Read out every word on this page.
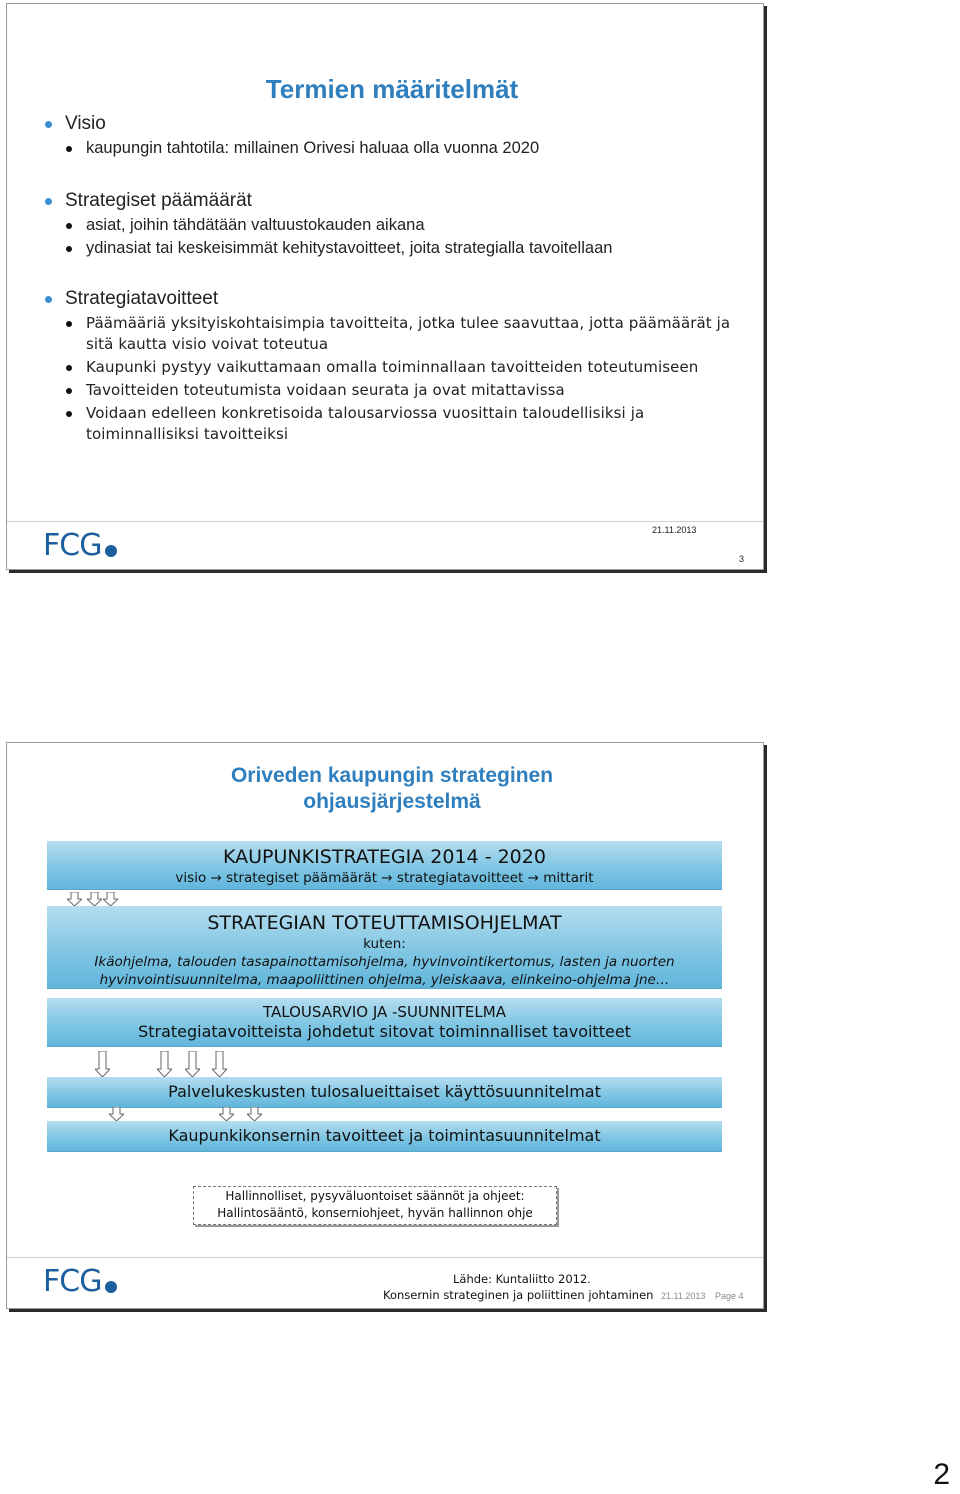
Termien määritelmät
Visio
kaupungin tahtotila: millainen Orivesi haluaa olla vuonna 2020
Strategiset päämäärät
asiat, joihin tähdätään valtuustokauden aikana
ydinasiat tai keskeisimmät kehitystavoitteet, joita strategialla tavoitellaan
Strategiatavoitteet
Päämääriä yksityiskohtaisimpia tavoitteita, jotka tulee saavuttaa, jotta päämäärät ja sitä kautta visio voivat toteutua
Kaupunki pystyy vaikuttamaan omalla toiminnallaan tavoitteiden toteutumiseen
Tavoitteiden toteutumista voidaan seurata ja ovat mitattavissa
Voidaan edelleen konkretisoida talousarviossa vuosittain taloudellisiksi ja toiminnallisiksi tavoitteiksi
FCG	21.11.2013
3
Oriveden kaupungin strateginen
ohjausjärjestelmä
KAUPUNKISTRATEGIA 2014 - 2020
visio → strategiset päämäärät → strategiatavoitteet → mittarit
STRATEGIAN TOTEUTTAMISOHJELMAT
kuten:
Ikäohjelma, talouden tasapainottamisohjelma, hyvinvointikertomus, lasten ja nuorten
hyvinvointisuunnitelma, maapoliittinen ohjelma, yleiskaava, elinkeino-ohjelma jne…
TALOUSARVIO JA -SUUNNITELMA
Strategiatavoitteista johdetut sitovat toiminnalliset tavoitteet
Palvelukeskusten tulosalueittaiset käyttösuunnitelmat
Kaupunkikonsernin tavoitteet ja toimintasuunnitelmat
Hallinnolliset, pysyväluontoiset säännöt ja ohjeet:
Hallintosääntö, konserniohjeet, hyvän hallinnon ohje
FCG	Lähde: Kuntaliitto 2012.
Konsernin strateginen ja poliittinen johtaminen 21.11.2013 Page 4
2
